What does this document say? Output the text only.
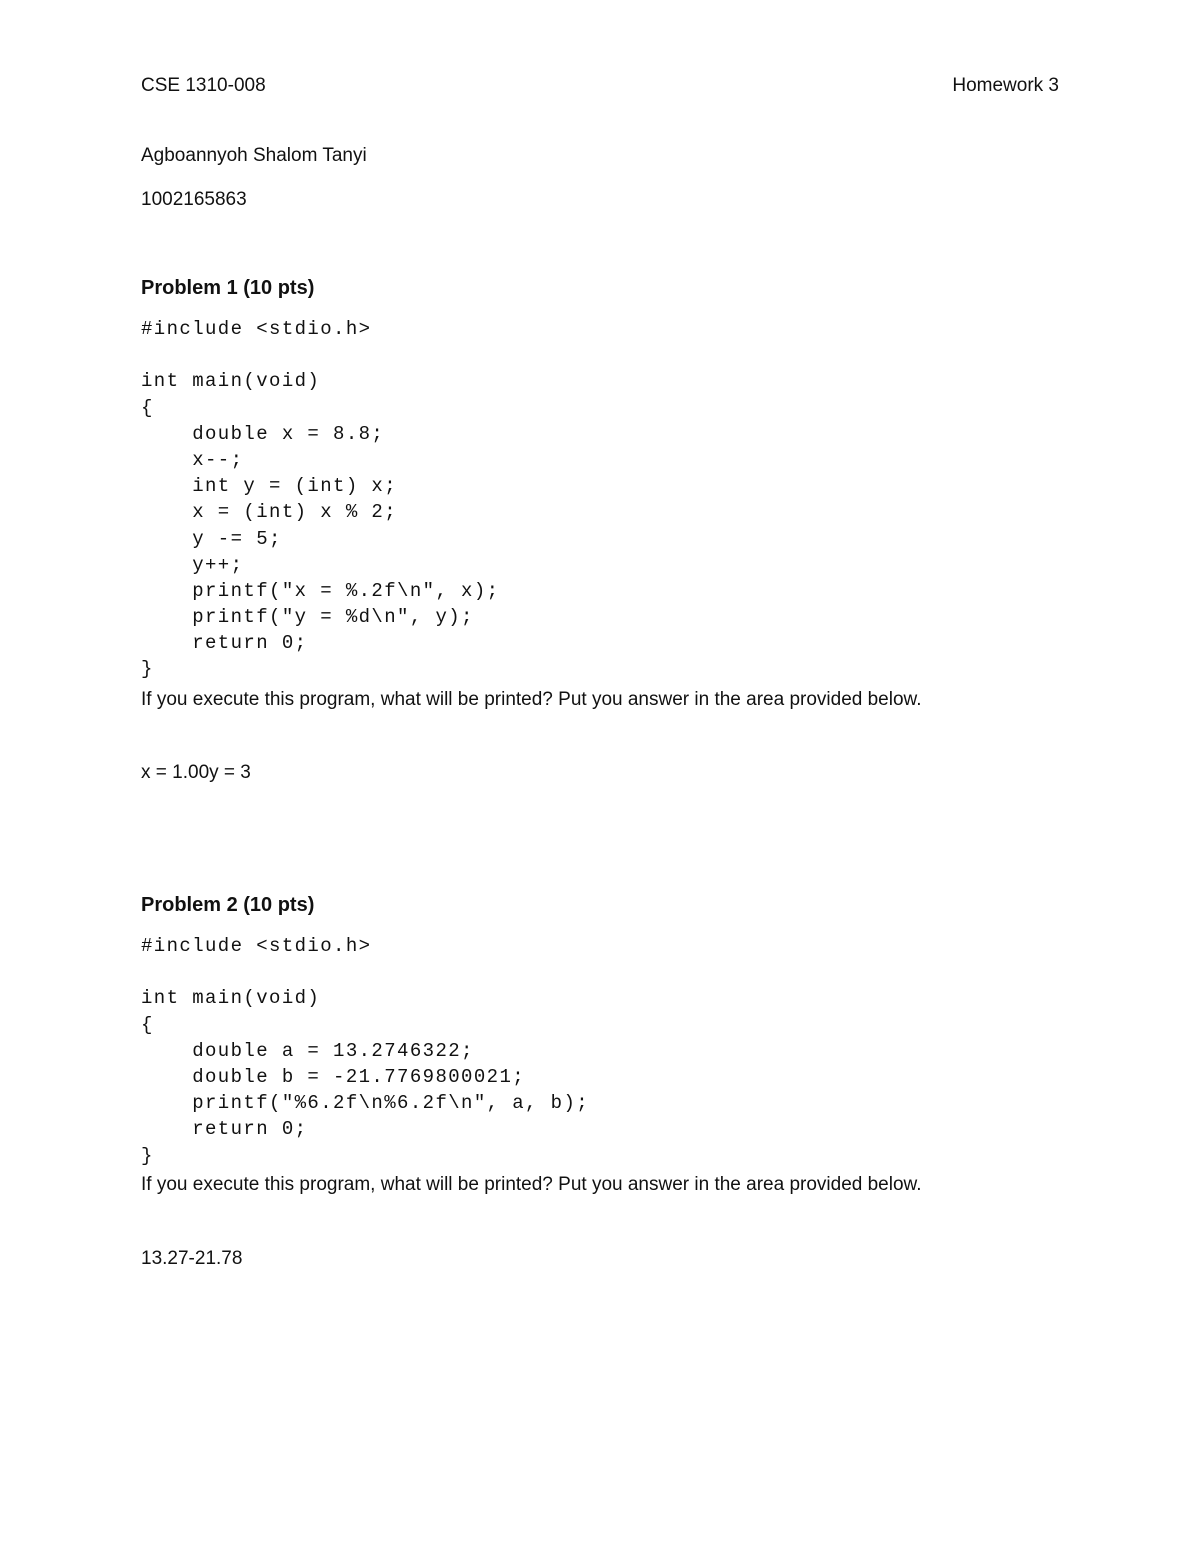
CSE 1310-008	Homework 3
Agboannyoh Shalom Tanyi
1002165863
Problem 1 (10 pts)
#include <stdio.h>
int main(void)
{
double x = 8.8;
x--;
int y = (int) x;
x = (int) x % 2;
y -= 5;
y++;
printf("x = %.2f\n", x);
printf("y = %d\n", y);
return 0;
}
If you execute this program, what will be printed? Put you answer in the area provided below.
x = 1.00y = 3
Problem 2 (10 pts)
#include <stdio.h>
int main(void)
{
double a = 13.2746322;
double b = -21.7769800021;
printf("%6.2f\n%6.2f\n", a, b);
return 0;
}
If you execute this program, what will be printed? Put you answer in the area provided below.
13.27-21.78
